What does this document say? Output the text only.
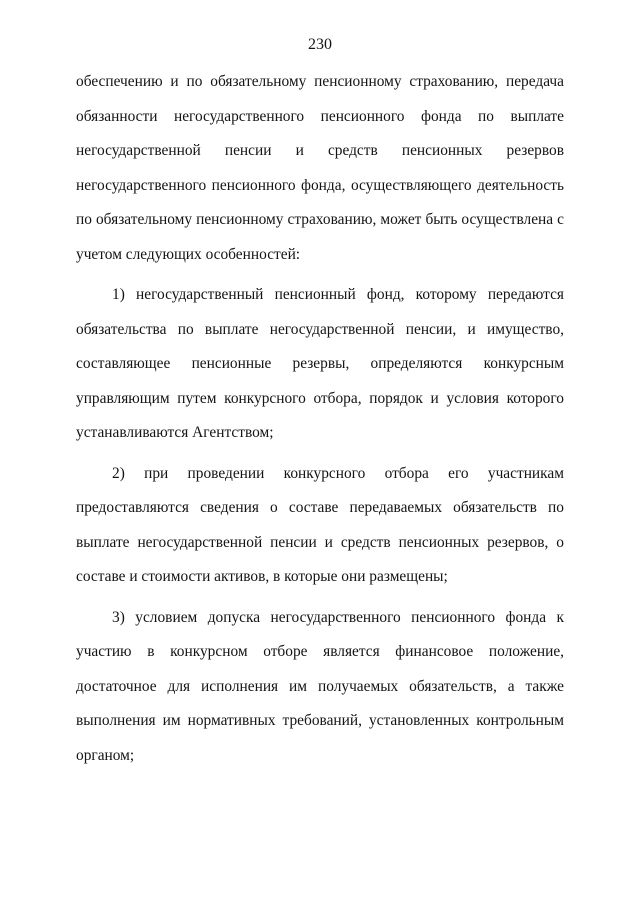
230
обеспечению и по обязательному пенсионному страхованию, передача
обязанности негосударственного пенсионного фонда по выплате
негосударственной пенсии и средств пенсионных резервов
негосударственного пенсионного фонда, осуществляющего деятельность
по обязательному пенсионному страхованию, может быть осуществлена с
учетом следующих особенностей:
1) негосударственный пенсионный фонд, которому передаются
обязательства по выплате негосударственной пенсии, и имущество,
составляющее пенсионные резервы, определяются конкурсным
управляющим путем конкурсного отбора, порядок и условия которого
устанавливаются Агентством;
2) при проведении конкурсного отбора его участникам
предоставляются сведения о составе передаваемых обязательств по
выплате негосударственной пенсии и средств пенсионных резервов, о
составе и стоимости активов, в которые они размещены;
3) условием допуска негосударственного пенсионного фонда к
участию в конкурсном отборе является финансовое положение,
достаточное для исполнения им получаемых обязательств, а также
выполнения им нормативных требований, установленных контрольным
органом;
